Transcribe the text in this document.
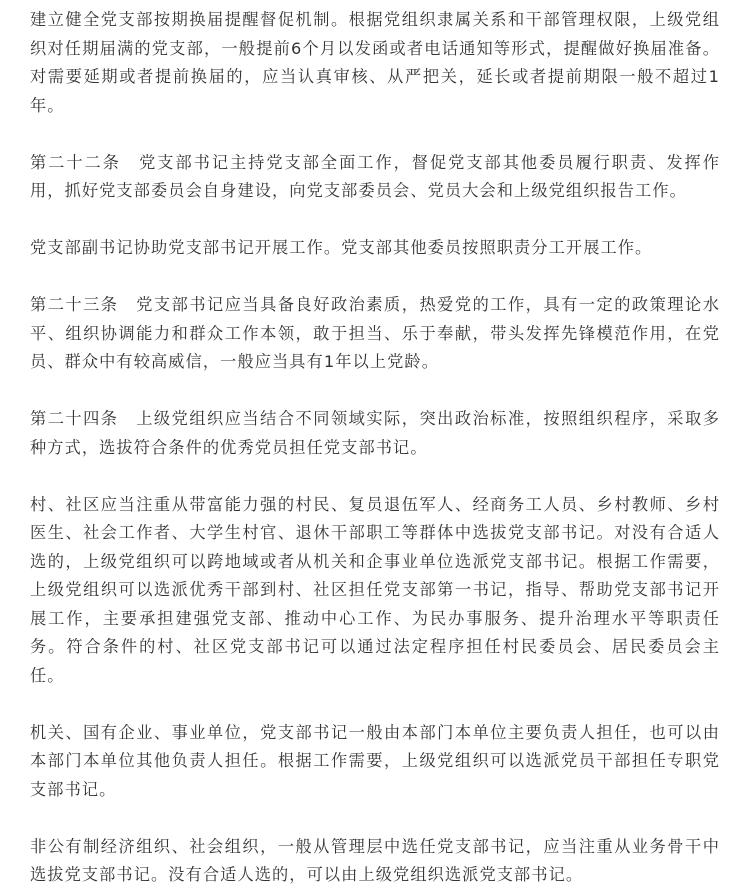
建立健全党支部按期换届提醒督促机制。根据党组织隶属关系和干部管理权限，上级党组织对任期届满的党支部，一般提前6个月以发函或者电话通知等形式，提醒做好换届准备。对需要延期或者提前换届的，应当认真审核、从严把关，延长或者提前期限一般不超过1年。

第二十二条　党支部书记主持党支部全面工作，督促党支部其他委员履行职责、发挥作用，抓好党支部委员会自身建设，向党支部委员会、党员大会和上级党组织报告工作。

党支部副书记协助党支部书记开展工作。党支部其他委员按照职责分工开展工作。

第二十三条　党支部书记应当具备良好政治素质，热爱党的工作，具有一定的政策理论水平、组织协调能力和群众工作本领，敢于担当、乐于奉献，带头发挥先锋模范作用，在党员、群众中有较高威信，一般应当具有1年以上党龄。

第二十四条　上级党组织应当结合不同领域实际，突出政治标准，按照组织程序，采取多种方式，选拔符合条件的优秀党员担任党支部书记。

村、社区应当注重从带富能力强的村民、复员退伍军人、经商务工人员、乡村教师、乡村医生、社会工作者、大学生村官、退休干部职工等群体中选拔党支部书记。对没有合适人选的，上级党组织可以跨地域或者从机关和企事业单位选派党支部书记。根据工作需要，上级党组织可以选派优秀干部到村、社区担任党支部第一书记，指导、帮助党支部书记开展工作，主要承担建强党支部、推动中心工作、为民办事服务、提升治理水平等职责任务。符合条件的村、社区党支部书记可以通过法定程序担任村民委员会、居民委员会主任。

机关、国有企业、事业单位，党支部书记一般由本部门本单位主要负责人担任，也可以由本部门本单位其他负责人担任。根据工作需要，上级党组织可以选派党员干部担任专职党支部书记。

非公有制经济组织、社会组织，一般从管理层中选任党支部书记，应当注重从业务骨干中选拔党支部书记。没有合适人选的，可以由上级党组织选派党支部书记。
